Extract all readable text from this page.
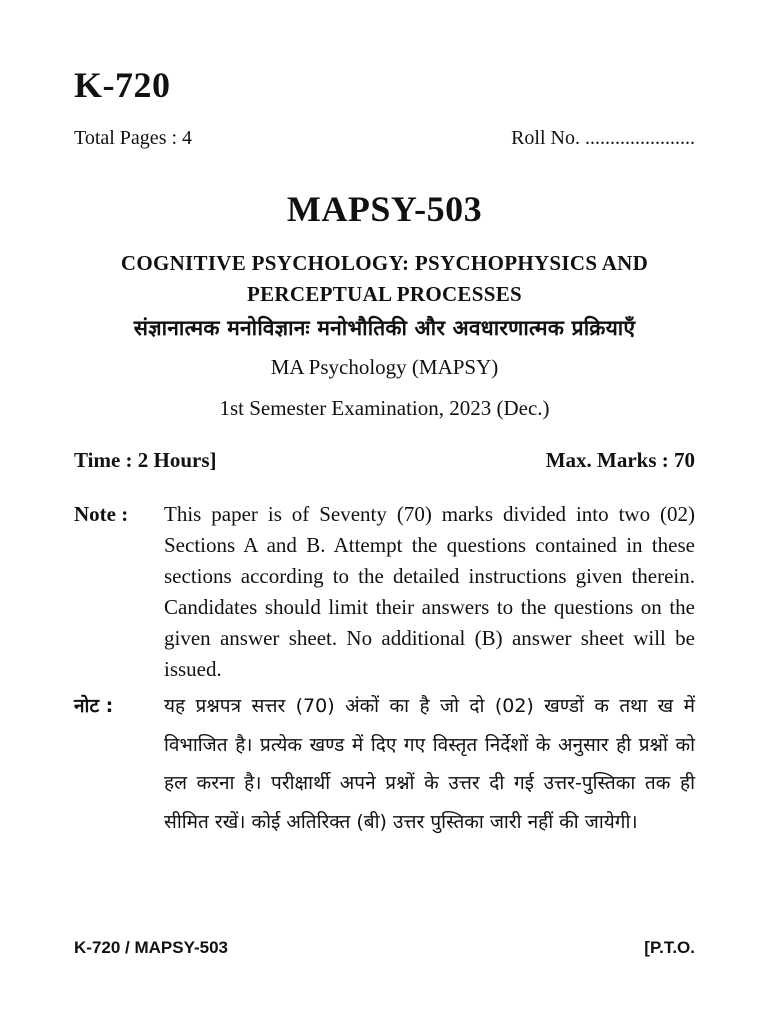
K-720
Total Pages : 4	Roll No. ......................
MAPSY-503
COGNITIVE PSYCHOLOGY: PSYCHOPHYSICS AND
PERCEPTUAL PROCESSES
संज्ञानात्मक मनोविज्ञानः मनोभौतिकी और अवधारणात्मक प्रक्रियाएँ
MA Psychology (MAPSY)
1st Semester Examination, 2023 (Dec.)
Time : 2 Hours]	Max. Marks : 70
Note :	This paper is of Seventy (70) marks divided into two (02) Sections A and B. Attempt the questions contained in these sections according to the detailed instructions given therein. Candidates should limit their answers to the questions on the given answer sheet. No additional (B) answer sheet will be issued.
नोट :	यह प्रश्नपत्र सत्तर (70) अंकों का है जो दो (02) खण्डों क तथा ख में विभाजित है। प्रत्येक खण्ड में दिए गए विस्तृत निर्देशों के अनुसार ही प्रश्नों को हल करना है। परीक्षार्थी अपने प्रश्नों के उत्तर दी गई उत्तर-पुस्तिका तक ही सीमित रखें। कोई अतिरिक्त (बी) उत्तर पुस्तिका जारी नहीं की जायेगी।
K-720 / MAPSY-503	[P.T.O.
